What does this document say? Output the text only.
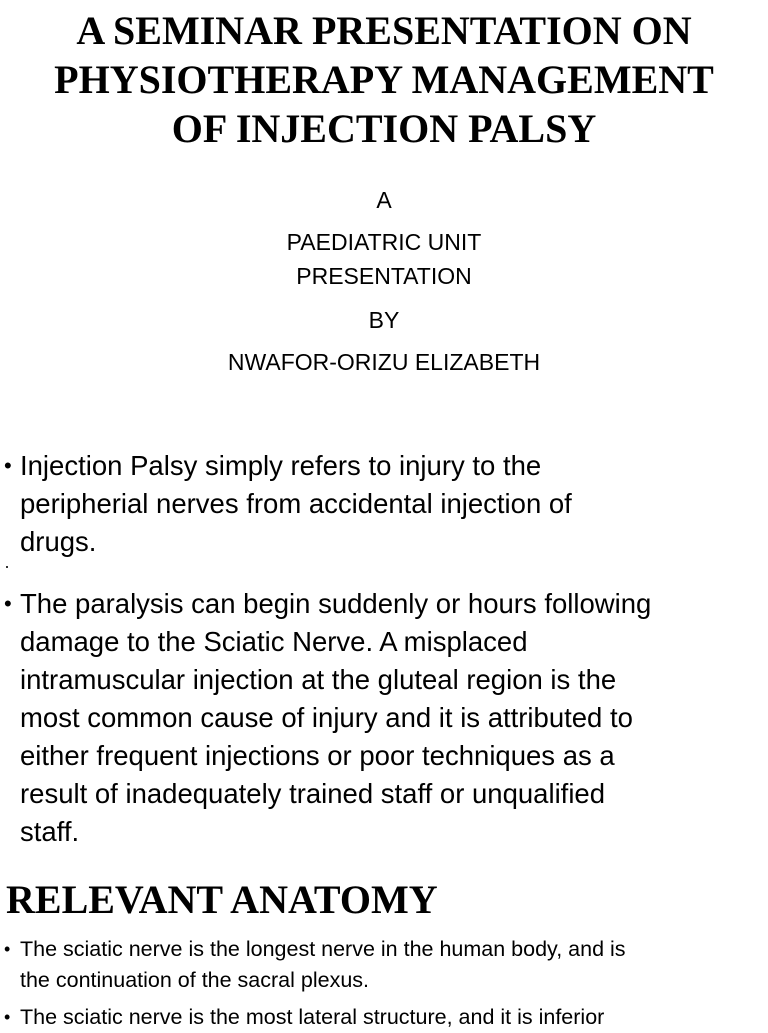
A SEMINAR PRESENTATION ON
PHYSIOTHERAPY MANAGEMENT
OF INJECTION PALSY

A

PAEDIATRIC UNIT

PRESENTATION

BY

NWAFOR-ORIZU ELIZABETH

• Injection Palsy simply refers to injury to the
peripherial nerves from accidental injection of
drugs.
• The paralysis can begin suddenly or hours following
damage to the Sciatic Nerve. A misplaced
intramuscular injection at the gluteal region is the
most common cause of injury and it is attributed to
either frequent injections or poor techniques as a
result of inadequately trained staff or unqualified
staff.
RELEVANT ANATOMY
• The sciatic nerve is the longest nerve in the human body, and is
the continuation of the sacral plexus.
• The sciatic nerve is the most lateral structure, and it is inferior
